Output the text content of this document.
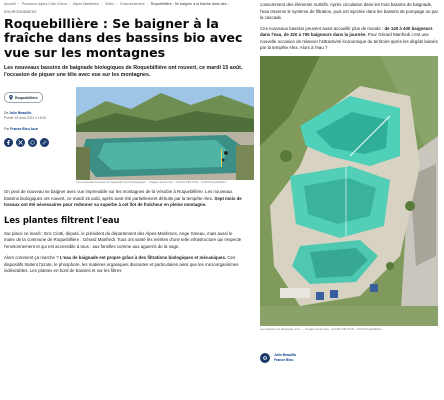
Accueil › Provence-Alpes-Côte d'Azur › Alpes-Maritimes › Vidéo › Environnement › Roquebillière : Se baigner à la fraîche dans des...
ENVIRONNEMENT
Roquebillière : Se baigner à la fraîche dans des bassins bio avec vue sur les montagnes
Les nouveaux bassins de baignade biologiques de Roquebillière ont rouvert, ce mardi 15 août, l'occasion de piquer une tête avec vue sur les montagnes.
Roquebillière
De Julie Beaulifo
Publié 15 août 2023 à 18:40
Par France Bleu Azur
Les nouveaux bassins de baignade sont biologiques. - Images aériennes - Crédits PEYTON - CCM Roquebillière

On peut de nouveau se baigner avec vue imprenable sur les montagnes de la Vésubie à Roquebillière. Les nouveaux bassins biologiques ont rouvert, ce mardi 15 août, après avoir été partiellement détruits par la tempête Alex. Sept mois de travaux ont été nécessaires pour redonner sa superbe à cet îlot de fraîcheur en pleine montagne.

Les plantes filtrent l'eau

Sur place ce mardi : Eric Ciotti, député, le président du département des Alpes-Maritimes, Ange Gineau, mais aussi le maire de la commune de Roquebillière : Gérard Manfredi. Tous ont vanté les mérites d'une telle infrastructure qui respecte l'environnement et qui est accessible à tous : aux familles comme aux aguerris de la nage.

Alors comment ça marche ? L'eau de baignade est propre grâce à des filtrations biologiques et mécaniques. Ces dispositifs traitent l'azote, le phosphore, les matières organiques dissoutes et particulaires ainsi que les microorganismes indésirables. Les plantes en bord de bassins et sur les filtres

consomment des éléments nutritifs. Après circulation dans les trois bassins de baignade, l'eau traverse le système de filtration, puis est injectée dans les bassins de pompage ou par la cascade.

Ces nouveaux bassins peuvent aussi accueillir plus de monde : de 140 à 400 baigneurs dans l'eau, de 320 à 700 baigneurs dans la journée. Pour Gérard Manfredi c'est une nouvelle occasion de relancer l'attractivité économique du territoire après les dégâts laissés par la tempête Alex. Alors à l'eau ?

Les bassins de baignade sont... - Images aériennes - Crédits PEYTON - CCM Roquebillière
Julie Beaulifo
France Bleu
